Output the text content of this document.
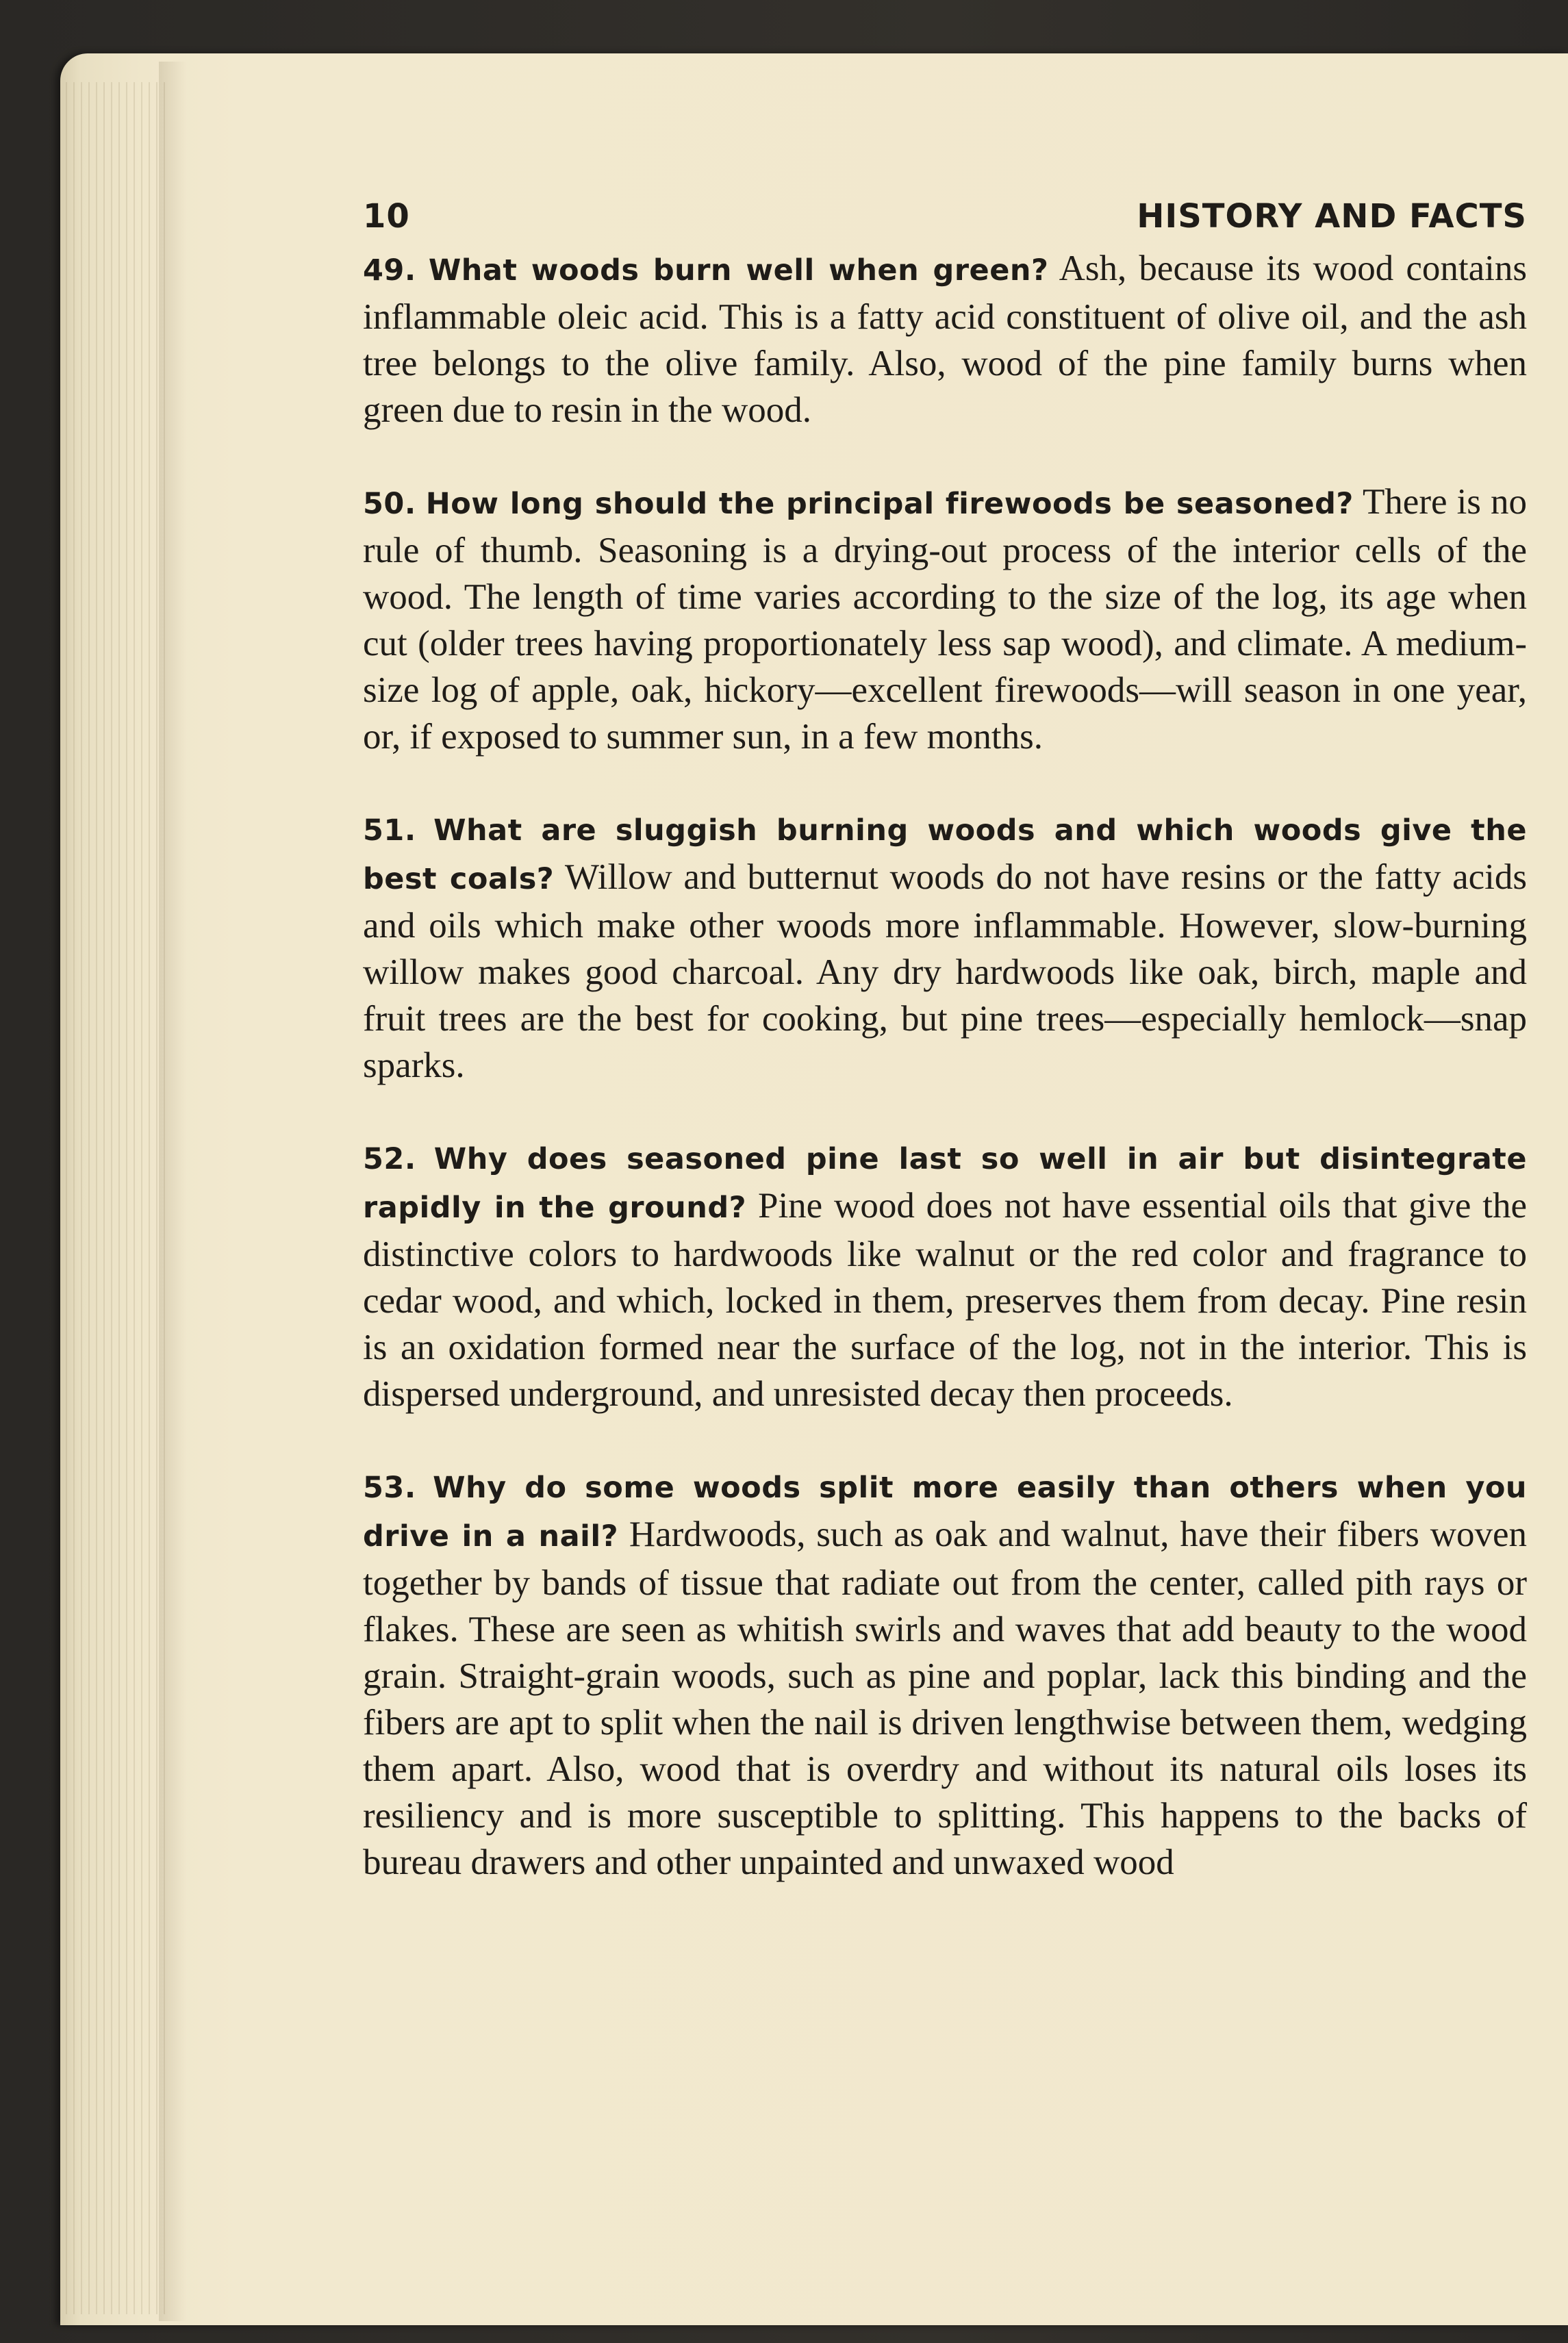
10	HISTORY AND FACTS

49. What woods burn well when green? Ash, because its wood contains inflammable oleic acid. This is a fatty acid constituent of olive oil, and the ash tree belongs to the olive family. Also, wood of the pine family burns when green due to resin in the wood.

50. How long should the principal firewoods be seasoned? There is no rule of thumb. Seasoning is a drying-out process of the interior cells of the wood. The length of time varies according to the size of the log, its age when cut (older trees having proportionately less sap wood), and climate. A medium-size log of apple, oak, hickory—excellent firewoods—will season in one year, or, if exposed to summer sun, in a few months.

51. What are sluggish burning woods and which woods give the best coals? Willow and butternut woods do not have resins or the fatty acids and oils which make other woods more inflammable. However, slow-burning willow makes good charcoal. Any dry hardwoods like oak, birch, maple and fruit trees are the best for cooking, but pine trees—especially hemlock—snap sparks.

52. Why does seasoned pine last so well in air but disintegrate rapidly in the ground? Pine wood does not have essential oils that give the distinctive colors to hardwoods like walnut or the red color and fragrance to cedar wood, and which, locked in them, preserves them from decay. Pine resin is an oxidation formed near the surface of the log, not in the interior. This is dispersed underground, and unresisted decay then proceeds.

53. Why do some woods split more easily than others when you drive in a nail? Hardwoods, such as oak and walnut, have their fibers woven together by bands of tissue that radiate out from the center, called pith rays or flakes. These are seen as whitish swirls and waves that add beauty to the wood grain. Straight-grain woods, such as pine and poplar, lack this binding and the fibers are apt to split when the nail is driven lengthwise between them, wedging them apart. Also, wood that is overdry and without its natural oils loses its resiliency and is more susceptible to splitting. This happens to the backs of bureau drawers and other unpainted and unwaxed wood
